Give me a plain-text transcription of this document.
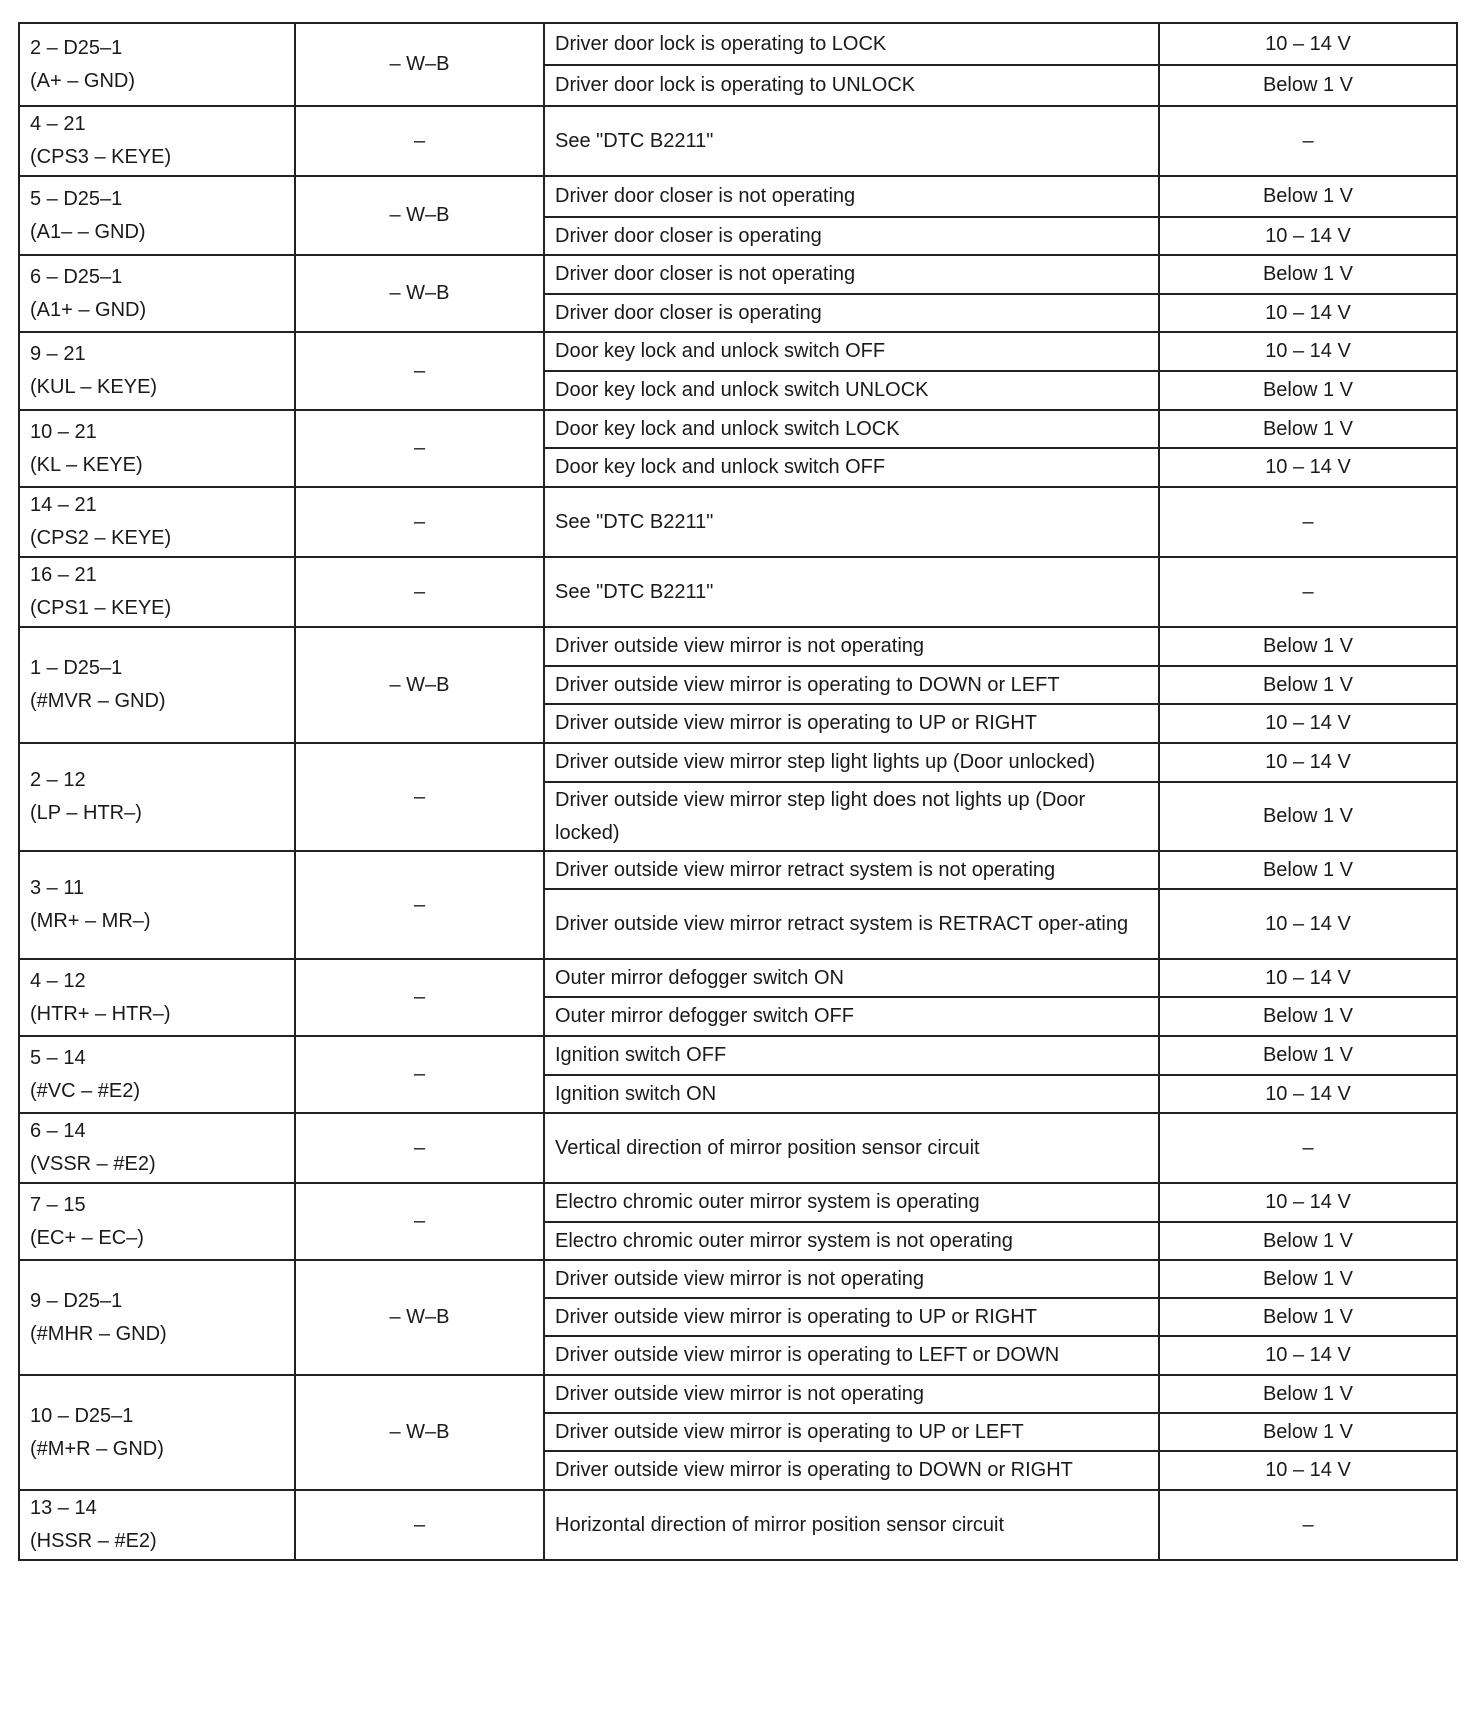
2 – D25–1
(A+ – GND)	– W–B	Driver door lock is operating to LOCK	10 – 14 V
		Driver door lock is operating to UNLOCK	Below 1 V

4 – 21
(CPS3 – KEYE)	–	See "DTC B2211"	–

5 – D25–1
(A1– – GND)	– W–B	Driver door closer is not operating	Below 1 V
		Driver door closer is operating	10 – 14 V

6 – D25–1
(A1+ – GND)	– W–B	Driver door closer is not operating	Below 1 V
		Driver door closer is operating	10 – 14 V

9 – 21
(KUL – KEYE)	–	Door key lock and unlock switch OFF	10 – 14 V
		Door key lock and unlock switch UNLOCK	Below 1 V

10 – 21
(KL – KEYE)	–	Door key lock and unlock switch LOCK	Below 1 V
		Door key lock and unlock switch OFF	10 – 14 V

14 – 21
(CPS2 – KEYE)	–	See "DTC B2211"	–

16 – 21
(CPS1 – KEYE)	–	See "DTC B2211"	–

1 – D25–1
(#MVR – GND)	– W–B	Driver outside view mirror is not operating	Below 1 V
		Driver outside view mirror is operating to DOWN or LEFT	Below 1 V
		Driver outside view mirror is operating to UP or RIGHT	10 – 14 V

2 – 12
(LP – HTR–)	–	Driver outside view mirror step light lights up (Door unlocked)	10 – 14 V
		Driver outside view mirror step light does not lights up (Door locked)	Below 1 V

3 – 11
(MR+ – MR–)	–	Driver outside view mirror retract system is not operating	Below 1 V
		Driver outside view mirror retract system is RETRACT oper-ating	10 – 14 V

4 – 12
(HTR+ – HTR–)	–	Outer mirror defogger switch ON	10 – 14 V
		Outer mirror defogger switch OFF	Below 1 V

5 – 14
(#VC – #E2)	–	Ignition switch OFF	Below 1 V
		Ignition switch ON	10 – 14 V

6 – 14
(VSSR – #E2)	–	Vertical direction of mirror position sensor circuit	–

7 – 15
(EC+ – EC–)	–	Electro chromic outer mirror system is operating	10 – 14 V
		Electro chromic outer mirror system is not operating	Below 1 V

9 – D25–1
(#MHR – GND)	– W–B	Driver outside view mirror is not operating	Below 1 V
		Driver outside view mirror is operating to UP or RIGHT	Below 1 V
		Driver outside view mirror is operating to LEFT or DOWN	10 – 14 V

10 – D25–1
(#M+R – GND)	– W–B	Driver outside view mirror is not operating	Below 1 V
		Driver outside view mirror is operating to UP or LEFT	Below 1 V
		Driver outside view mirror is operating to DOWN or RIGHT	10 – 14 V

13 – 14
(HSSR – #E2)	–	Horizontal direction of mirror position sensor circuit	–
